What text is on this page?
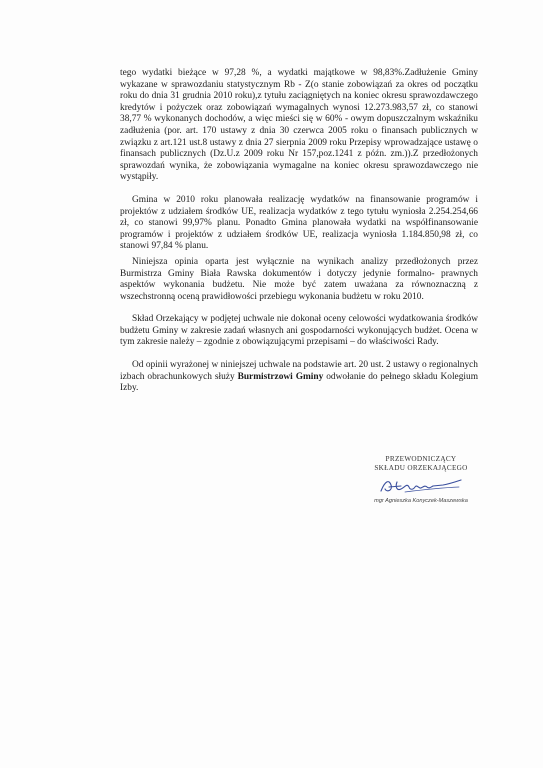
tego wydatki bieżące w 97,28 %, a wydatki majątkowe w 98,83%.Zadłużenie Gminy wykazane w sprawozdaniu statystycznym Rb - Z(o stanie zobowiązań za okres od początku roku do dnia 31 grudnia 2010 roku),z tytułu zaciągniętych na koniec okresu sprawozdawczego kredytów i pożyczek oraz zobowiązań wymagalnych wynosi 12.273.983,57 zł, co stanowi 38,77 % wykonanych dochodów, a więc mieści się w 60% - owym dopuszczalnym wskaźniku zadłużenia (por. art. 170 ustawy z dnia 30 czerwca 2005 roku o finansach publicznych w związku z art.121 ust.8 ustawy z dnia 27 sierpnia 2009 roku Przepisy wprowadzające ustawę o finansach publicznych (Dz.U.z 2009 roku Nr 157,poz.1241 z późn. zm.)).Z przedłożonych sprawozdań wynika, że zobowiązania wymagalne na koniec okresu sprawozdawczego nie wystąpiły.

Gmina w 2010 roku planowała realizację wydatków na finansowanie programów i projektów z udziałem środków UE, realizacja wydatków z tego tytułu wyniosła 2.254.254,66 zł, co stanowi 99,97% planu. Ponadto Gmina planowała wydatki na współfinansowanie programów i projektów z udziałem środków UE, realizacja wyniosła 1.184.850,98 zł, co stanowi 97,84 % planu.

Niniejsza opinia oparta jest wyłącznie na wynikach analizy przedłożonych przez Burmistrza Gminy Biała Rawska dokumentów i dotyczy jedynie formalno- prawnych aspektów wykonania budżetu. Nie może być zatem uważana za równoznaczną z wszechstronną oceną prawidłowości przebiegu wykonania budżetu w roku 2010.

Skład Orzekający w podjętej uchwale nie dokonał oceny celowości wydatkowania środków budżetu Gminy w zakresie zadań własnych ani gospodarności wykonujących budżet. Ocena w tym zakresie należy – zgodnie z obowiązującymi przepisami – do właściwości Rady.

Od opinii wyrażonej w niniejszej uchwale na podstawie art. 20 ust. 2 ustawy o regionalnych izbach obrachunkowych służy Burmistrzowi Gminy odwołanie do pełnego składu Kolegium Izby.

PRZEWODNICZĄCY
SKŁADU ORZEKAJĄCEGO
mgr Agnieszka Konyczek-Maszewska
